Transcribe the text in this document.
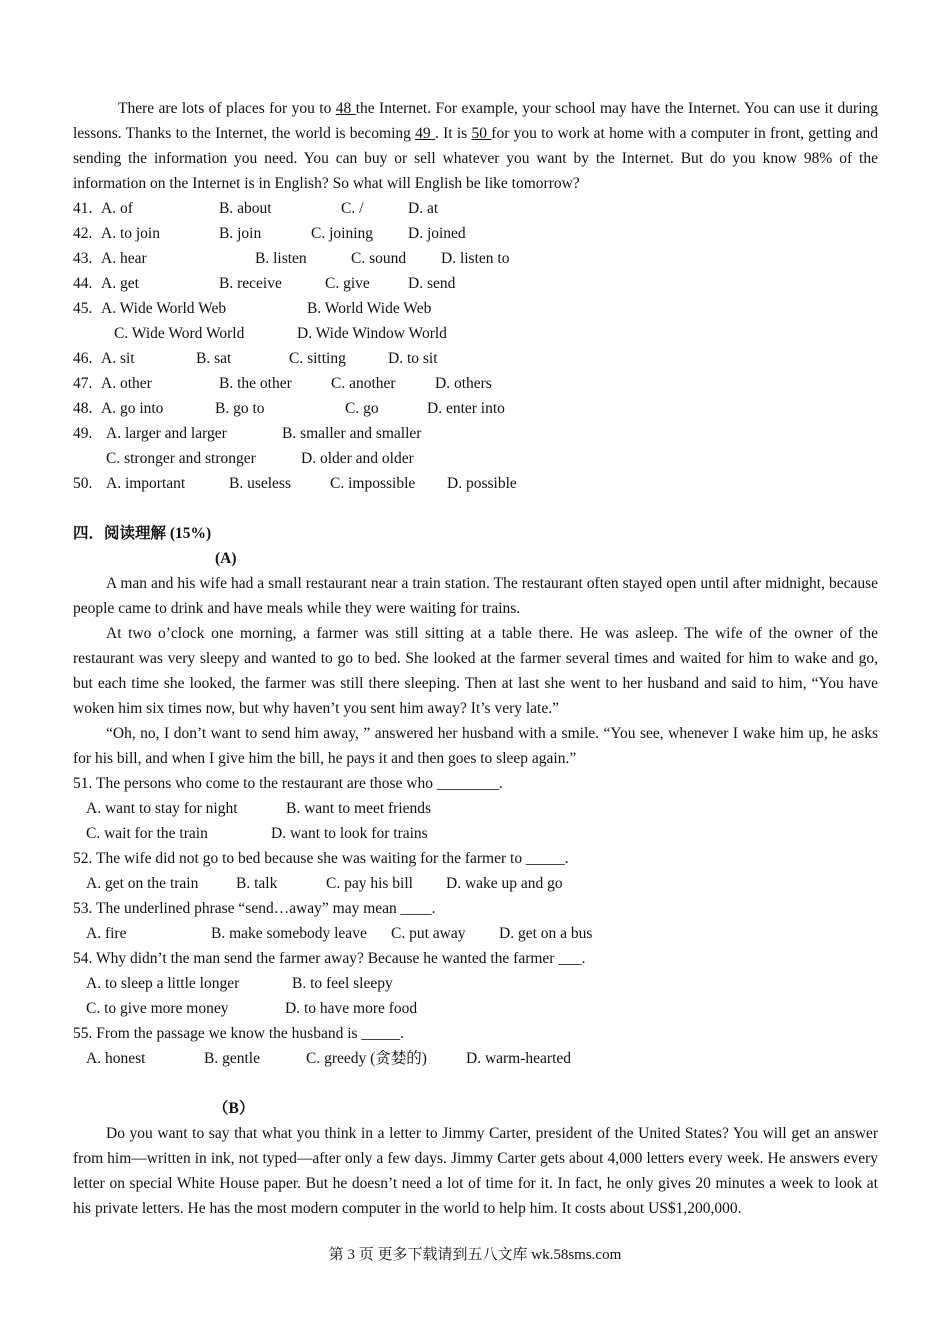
There are lots of places for you to 48 the Internet. For example, your school may have the Internet. You can use it during lessons. Thanks to the Internet, the world is becoming 49 . It is 50 for you to work at home with a computer in front, getting and sending the information you need. You can buy or sell whatever you want by the Internet. But do you know 98% of the information on the Internet is in English? So what will English be like tomorrow?

41. A. of	B. about	C. /	D. at
42. A. to join	B. join	C. joining D. joined
43. A. hear	B. listen	C. sound D. listen to
44. A. get	B. receive	C. give D. send
45. A. Wide World Web	B. World Wide Web
C. Wide Word World	D. Wide Window World
46. A. sit	B. sat	C. sitting	D. to sit
47. A. other	B. the other	C. another	D. others
48. A. go into	B. go to	C. go	D. enter into
49. A. larger and larger	B. smaller and smaller
C. stronger and stronger	D. older and older
50. A. important	B. useless	C. impossible D. possible
四．阅读理解 (15%)
(A)

A man and his wife had a small restaurant near a train station. The restaurant often stayed open until after midnight, because people came to drink and have meals while they were waiting for trains.

At two o’clock one morning, a farmer was still sitting at a table there. He was asleep. The wife of the owner of the restaurant was very sleepy and wanted to go to bed. She looked at the farmer several times and waited for him to wake and go, but each time she looked, the farmer was still there sleeping. Then at last she went to her husband and said to him, “You have woken him six times now, but why haven’t you sent him away? It’s very late.”

“Oh, no, I don’t want to send him away, ” answered her husband with a smile. “You see, whenever I wake him up, he asks for his bill, and when I give him the bill, he pays it and then goes to sleep again.”

51. The persons who come to the restaurant are those who ________.
A. want to stay for night	B. want to meet friends
C. wait for the train	D. want to look for trains
52. The wife did not go to bed because she was waiting for the farmer to _____.
A. get on the train B. talk	C. pay his bill D. wake up and go
53. The underlined phrase “send…away” may mean ____.
A. fire	B. make somebody leave C. put away D. get on a bus
54. Why didn’t the man send the farmer away? Because he wanted the farmer ___.
A. to sleep a little longer	B. to feel sleepy
C. to give more money	D. to have more food
55. From the passage we know the husband is _____.
A. honest	B. gentle	C. greedy (贪婪的)	D. warm-hearted
（B）

Do you want to say that what you think in a letter to Jimmy Carter, president of the United States? You will get an answer from him—written in ink, not typed—after only a few days. Jimmy Carter gets about 4,000 letters every week. He answers every letter on special White House paper. But he doesn’t need a lot of time for it. In fact, he only gives 20 minutes a week to look at his private letters. He has the most modern computer in the world to help him. It costs about US$1,200,000.

第 3 页 更多下载请到五八文库 wk.58sms.com
